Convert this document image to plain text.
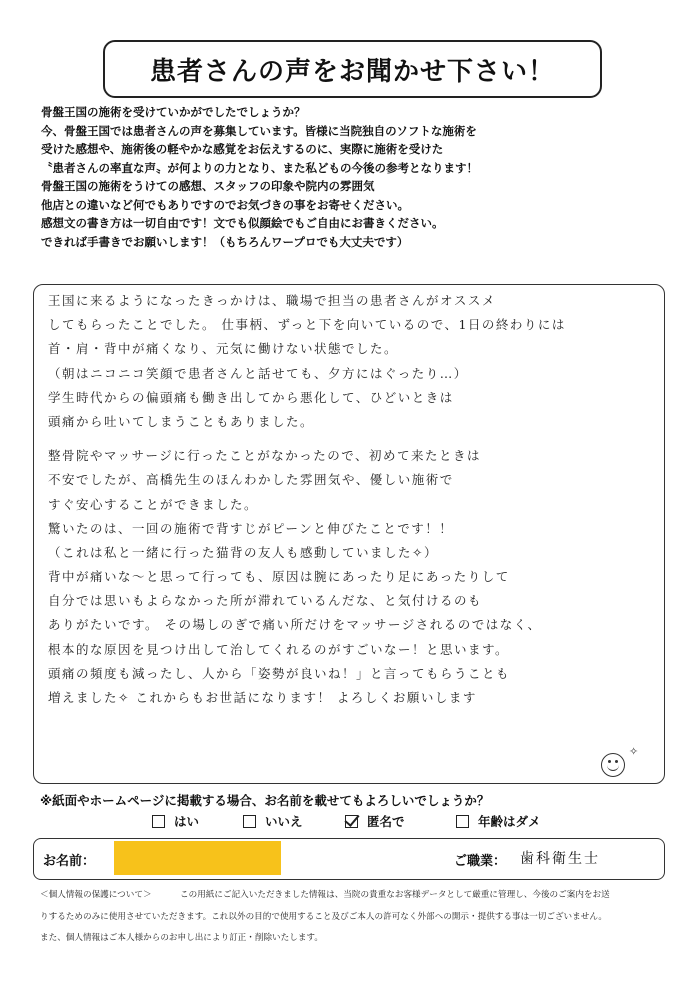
患者さんの声をお聞かせ下さい！
骨盤王国の施術を受けていかがでしたでしょうか？
今、骨盤王国では患者さんの声を募集しています。皆様に当院独自のソフトな施術を
受けた感想や、施術後の軽やかな感覚をお伝えするのに、実際に施術を受けた
〝患者さんの率直な声〟が何よりの力となり、また私どもの今後の参考となります！
骨盤王国の施術をうけての感想、スタッフの印象や院内の雰囲気
他店との違いなど何でもありですのでお気づきの事をお寄せください。
感想文の書き方は一切自由です！文でも似顔絵でもご自由にお書きください。
できれば手書きでお願いします！（もちろんワープロでも大丈夫です）
王国に来るようになったきっかけは、職場で担当の患者さんがオススメ
してもらったことでした。 仕事柄、ずっと下を向いているので、1日の終わりには
首・肩・背中が痛くなり、元気に働けない状態でした。
（朝はニコニコ笑顔で患者さんと話せても、夕方にはぐったり…）
学生時代からの偏頭痛も働き出してから悪化して、ひどいときは
頭痛から吐いてしまうこともありました。
整骨院やマッサージに行ったことがなかったので、初めて来たときは
不安でしたが、高橋先生のほんわかした雰囲気や、優しい施術で
すぐ安心することができました。
驚いたのは、一回の施術で背すじがピーンと伸びたことです！！
（これは私と一緒に行った猫背の友人も感動していました✧）
背中が痛いな～と思って行っても、原因は腕にあったり足にあったりして
自分では思いもよらなかった所が滞れているんだな、と気付けるのも
ありがたいです。 その場しのぎで痛い所だけをマッサージされるのではなく、
根本的な原因を見つけ出して治してくれるのがすごいなー！と思います。
頭痛の頻度も減ったし、人から「姿勢が良いね！」と言ってもらうことも
増えました✧ これからもお世話になります！ よろしくお願いします
✧
※紙面やホームページに掲載する場合、お名前を載せてもよろしいでしょうか？
はい	いいえ	匿名で	年齢はダメ
お名前：	ご職業： 歯科衛生士
＜個人情報の保護について＞	この用紙にご記入いただきました情報は、当院の貴重なお客様データとして厳重に管理し、今後のご案内をお送
りするためのみに使用させていただきます。これ以外の目的で使用すること及びご本人の許可なく外部への開示・提供する事は一切ございません。
また、個人情報はご本人様からのお申し出により訂正・削除いたします。
